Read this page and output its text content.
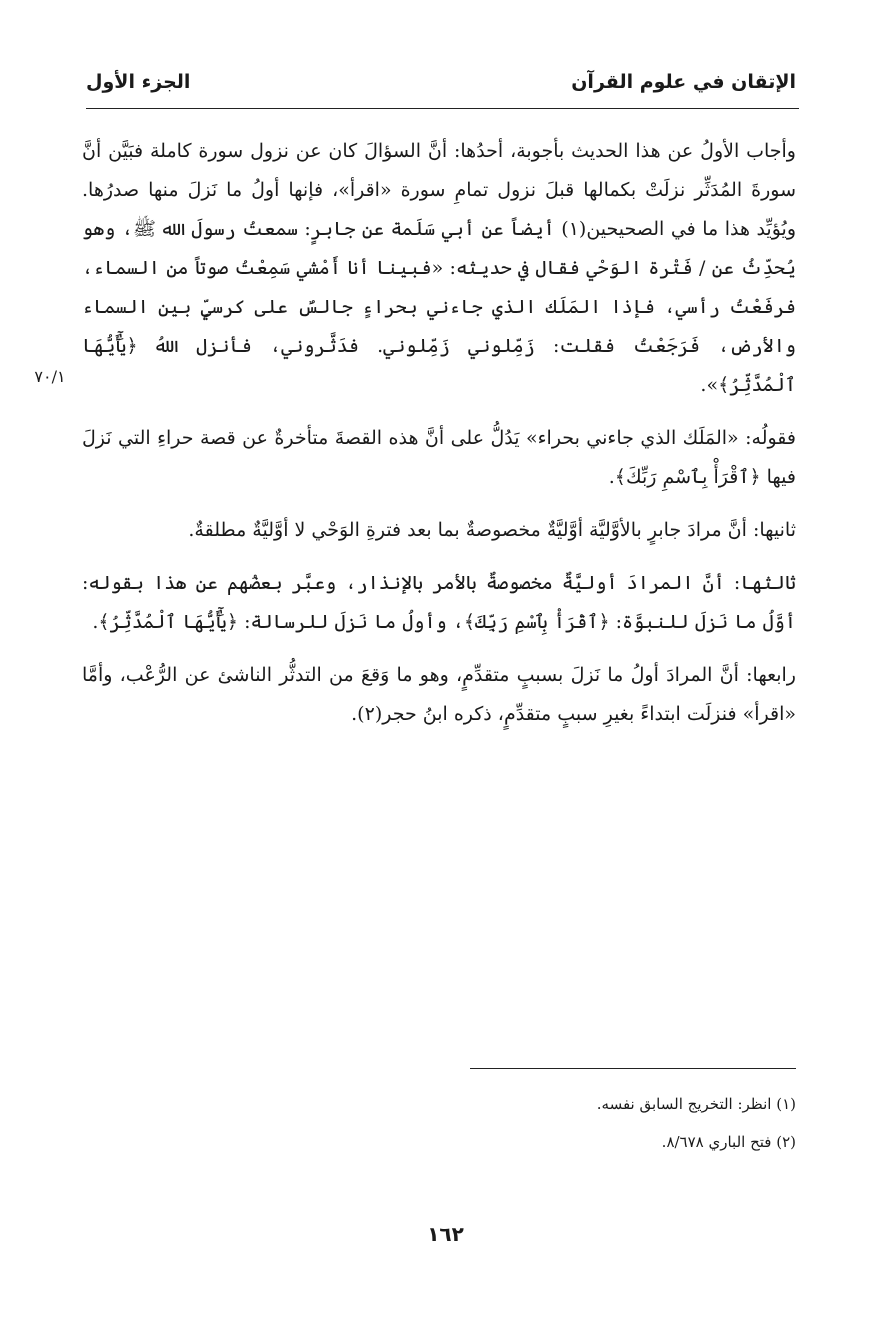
الإتقان في علوم القرآن
الجزء الأول
٧٠/١

وأجاب الأولُ عن هذا الحديث بأجوبة، أحدُها: أنَّ السؤالَ كان عن نزول سورة كاملة فبَيَّن أنَّ سورةَ المُدَثِّر نزلَتْ بكمالها قبلَ نزول تمامِ سورة «اقرأ»، فإنها أولُ ما نَزلَ منها صدرُها. ويُؤيِّد هذا ما في الصحيحين(١) أيضاً عن أبي سَلَمة عن جابرٍ: سمعتُ رسولَ الله ﷺ، وهو يُحدِّثُ عن / فَتْرة الوَحْي فقال في حديثه: «فبينا أنا أَمْشي سَمِعْتُ صوتاً من السماء، فرفَعْتُ رأسي، فإذا المَلَك الذي جاءني بحراءٍ جالسٌ على كرسيٍّ بين السماء والأرض، فَرَجَعْتُ فقلت: زَمِّلوني زَمِّلوني. فدَثَّروني، فأنزل اللهُ ﴿يَٰٓأَيُّهَا ٱلْمُدَّثِّرُ﴾».

فقولُه: «المَلَك الذي جاءني بحراء» يَدُلُّ على أنَّ هذه القصةَ متأخرةٌ عن قصة حراءِ التي نَزلَ فيها ﴿ٱقْرَأْ بِٱسْمِ رَبِّكَ﴾.

ثانيها: أنَّ مرادَ جابرٍ بالأوَّليَّة أوَّليَّةٌ مخصوصةٌ بما بعد فترةِ الوَحْي لا أوَّليَّةٌ مطلقةٌ.

ثالثها: أنَّ المرادَ أوليَّةٌ مخصوصةٌ بالأمر بالإنذار، وعبَّر بعضُهم عن هذا بقوله: أوَّلُ ما نَزلَ للنبوَّة: ﴿ٱقْرَأْ بِٱسْمِ رَبِّكَ﴾، وأولُ ما نَزلَ للرسالة: ﴿يَٰٓأَيُّهَا ٱلْمُدَّثِّرُ﴾.

رابعها: أنَّ المرادَ أولُ ما نَزلَ بسببٍ متقدِّمٍ، وهو ما وَقعَ من التدثُّر الناشئ عن الرُّعْب، وأمَّا «اقرأ» فنزلَت ابتداءً بغيرِ سببٍ متقدِّمٍ، ذكره ابنُ حجر(٢).

(١) انظر: التخريج السابق نفسه.

(٢) فتح الباري ٨/٦٧٨.

١٦٢
